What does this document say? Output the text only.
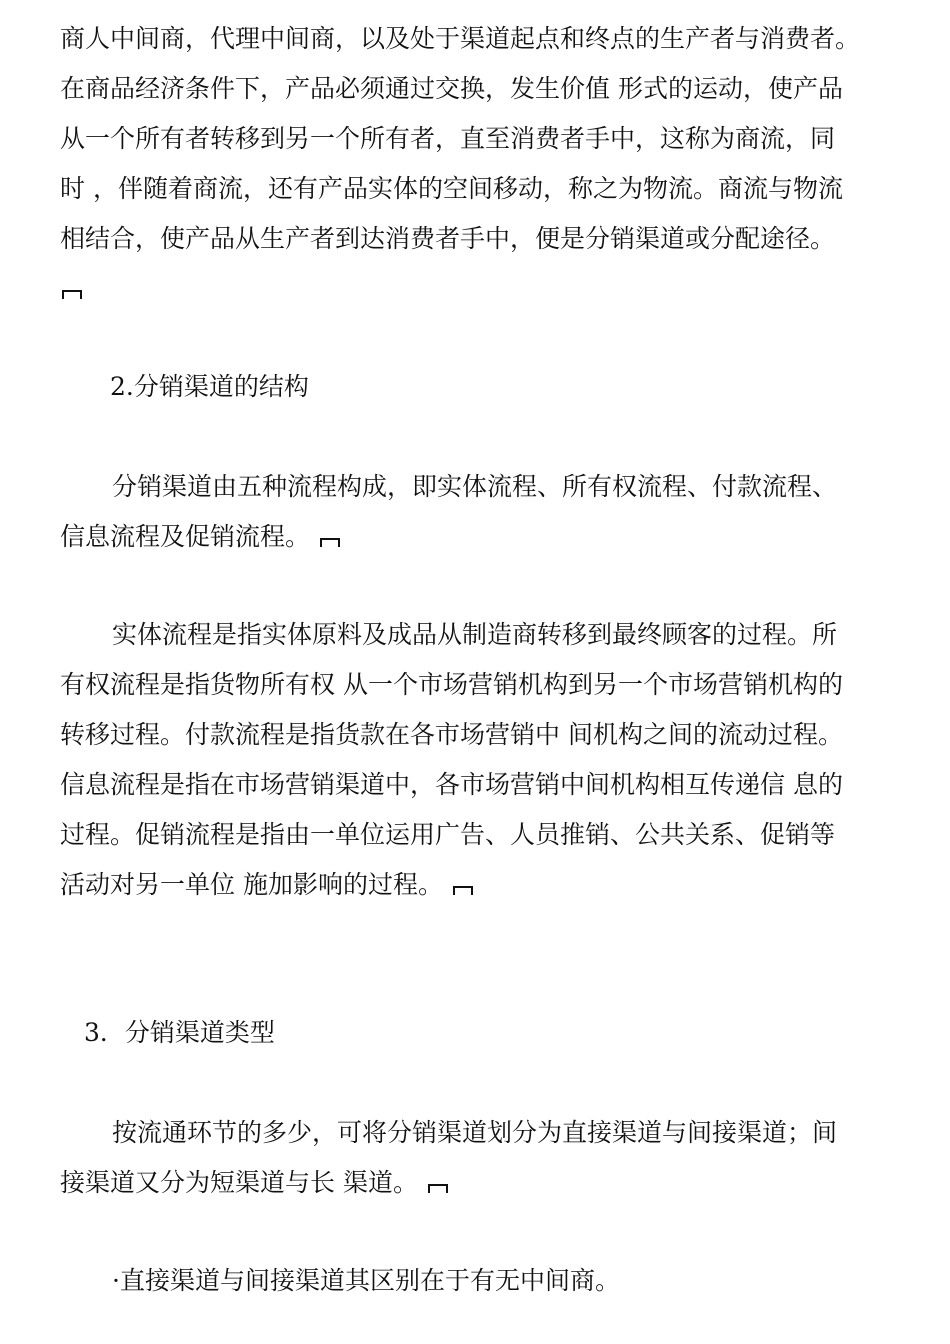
商人中间商，代理中间商，以及处于渠道起点和终点的生产者与消费者。
在商品经济条件下，产品必须通过交换，发生价值 形式的运动，使产品
从一个所有者转移到另一个所有者，直至消费者手中，这称为商流，同
时 ，伴随着商流，还有产品实体的空间移动，称之为物流。商流与物流
相结合，使产品从生产者到达消费者手中，便是分销渠道或分配途径。
2.分销渠道的结构
分销渠道由五种流程构成，即实体流程、所有权流程、付款流程、
信息流程及促销流程。
实体流程是指实体原料及成品从制造商转移到最终顾客的过程。所
有权流程是指货物所有权 从一个市场营销机构到另一个市场营销机构的
转移过程。付款流程是指货款在各市场营销中 间机构之间的流动过程。
信息流程是指在市场营销渠道中，各市场营销中间机构相互传递信 息的
过程。促销流程是指由一单位运用广告、人员推销、公共关系、促销等
活动对另一单位 施加影响的过程。
3．分销渠道类型
按流通环节的多少，可将分销渠道划分为直接渠道与间接渠道；间
接渠道又分为短渠道与长 渠道。
·直接渠道与间接渠道其区别在于有无中间商。
